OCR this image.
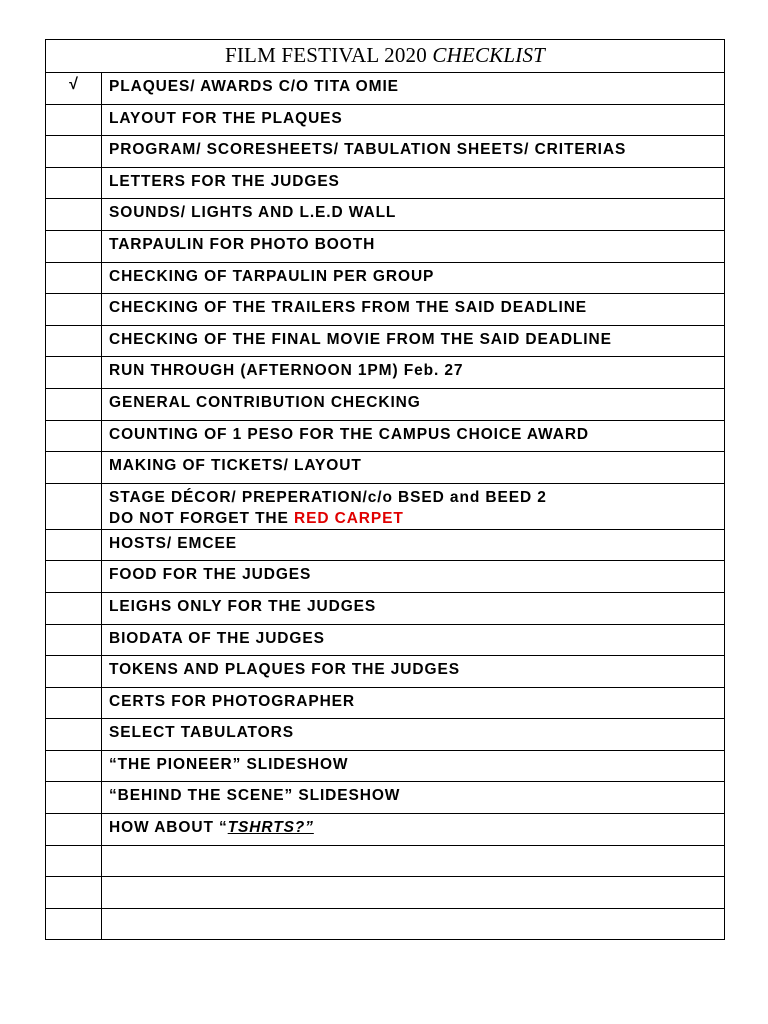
FILM FESTIVAL 2020 CHECKLIST	
√	PLAQUES/ AWARDS C/O TITA OMIE
	LAYOUT FOR THE PLAQUES
	PROGRAM/ SCORESHEETS/ TABULATION SHEETS/ CRITERIAS
	LETTERS FOR THE JUDGES
	SOUNDS/ LIGHTS AND L.E.D WALL
	TARPAULIN FOR PHOTO BOOTH
	CHECKING OF TARPAULIN PER GROUP
	CHECKING OF THE TRAILERS FROM THE SAID DEADLINE
	CHECKING OF THE FINAL MOVIE FROM THE SAID DEADLINE
	RUN THROUGH (AFTERNOON 1PM) Feb. 27
	GENERAL CONTRIBUTION CHECKING
	COUNTING OF 1 PESO FOR THE CAMPUS CHOICE AWARD
	MAKING OF TICKETS/ LAYOUT

	STAGE DÉCOR/ PREPERATION/c/o BSED and BEED 2
DO NOT FORGET THE RED CARPET

	HOSTS/ EMCEE
	FOOD FOR THE JUDGES
	LEIGHS ONLY FOR THE JUDGES
	BIODATA OF THE JUDGES
	TOKENS AND PLAQUES FOR THE JUDGES
	CERTS FOR PHOTOGRAPHER
	SELECT TABULATORS
	“THE PIONEER” SLIDESHOW
	“BEHIND THE SCENE” SLIDESHOW
	HOW ABOUT “TSHRTS?”
